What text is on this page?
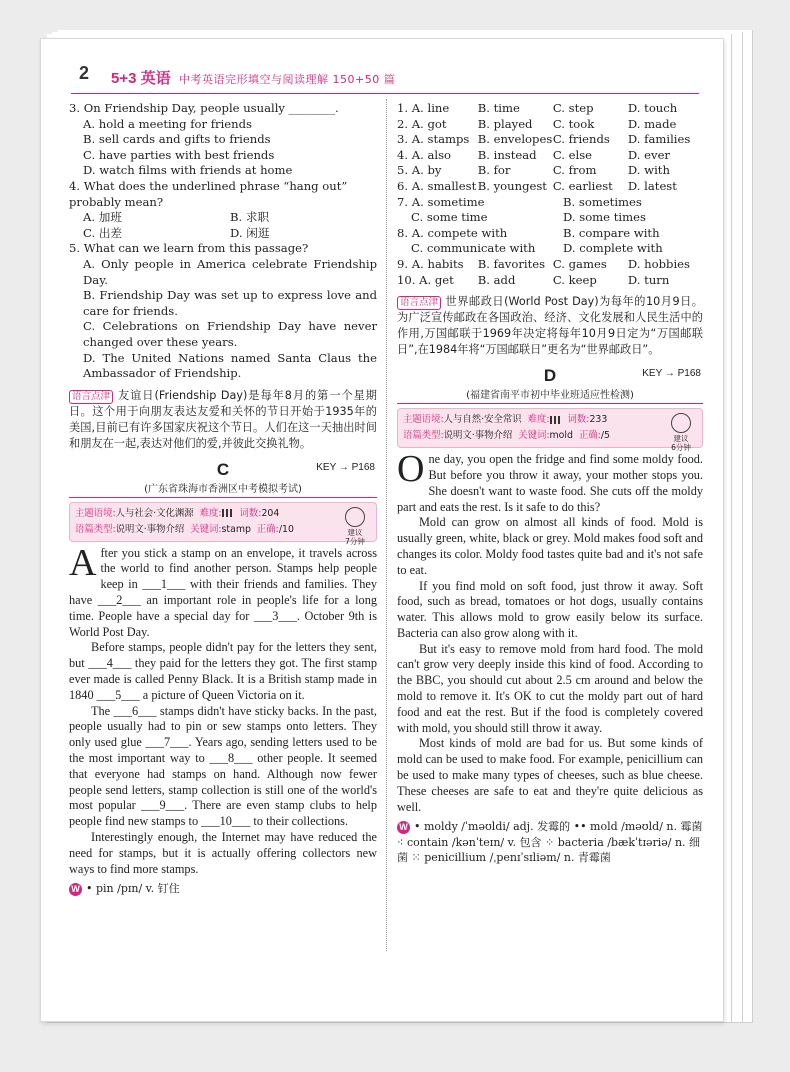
2 5+3 英语 中考英语完形填空与阅读理解 150+50 篇

3. On Friendship Day, people usually ________.

A. hold a meeting for friends

B. sell cards and gifts to friends

C. have parties with best friends

D. watch films with friends at home

4. What does the underlined phrase “hang out” probably mean?

A. 加班	B. 求职
C. 出差	D. 闲逛

5. What can we learn from this passage?

A. Only people in America celebrate Friendship Day.

B. Friendship Day was set up to express love and care for friends.

C. Celebrations on Friendship Day have never changed over these years.

D. The United Nations named Santa Claus the Ambassador of Friendship.

语言点津 友谊日(Friendship Day)是每年8月的第一个星期日。这个用于向朋友表达友爱和关怀的节日开始于1935年的美国,目前已有许多国家庆祝这个节日。人们在这一天抽出时间和朋友在一起,表达对他们的爱,并彼此交换礼物。
C	KEY → P168
(广东省珠海市香洲区中考模拟考试)
主题语境:人与社会·文化渊源 难度: 词数:204
语篇类型:说明文·事物介绍 关键词:stamp 正确:/10	建议
7分钟

After you stick a stamp on an envelope, it travels across the world to find another person. Stamps help people keep in ___1___ with their friends and families. They have ___2___ an important role in people's life for a long time. People have a special day for ___3___. October 9th is World Post Day.

Before stamps, people didn't pay for the letters they sent, but ___4___ they paid for the letters they got. The first stamp ever made is called Penny Black. It is a British stamp made in 1840 ___5___ a picture of Queen Victoria on it.

The ___6___ stamps didn't have sticky backs. In the past, people usually had to pin or sew stamps onto letters. They only used glue ___7___. Years ago, sending letters used to be the most important way to ___8___ other people. It seemed that everyone had stamps on hand. Although now fewer people send letters, stamp collection is still one of the world's most popular ___9___. There are even stamp clubs to help people find new stamps to ___10___ to their collections.

Interestingly enough, the Internet may have reduced the need for stamps, but it is actually offering collectors new ways to find more stamps.

W • pin /pɪn/ v. 钉住
1. A. line	B. time	C. step	D. touch
2. A. got	B. played	C. took	D. made
3. A. stamps B. envelopes C. friends	D. families
4. A. also	B. instead	C. else	D. ever
5. A. by	B. for	C. from	D. with
6. A. smallest B. youngest C. earliest	D. latest
7. A. sometime	B. sometimes
C. some time	D. some times
8. A. compete with	B. compare with
C. communicate with	D. complete with
9. A. habits	B. favorites C. games	D. hobbies
10. A. get	B. add	C. keep	D. turn
语言点津 世界邮政日(World Post Day)为每年的10月9日。为广泛宣传邮政在各国政治、经济、文化发展和人民生活中的作用,万国邮联于1969年决定将每年10月9日定为“万国邮联日”,在1984年将“万国邮联日”更名为“世界邮政日”。
D	KEY → P168
(福建省南平市初中毕业班适应性检测)
主题语境:人与自然·安全常识 难度: 词数:233
语篇类型:说明文·事物介绍 关键词:mold 正确:/5	建议
6分钟

One day, you open the fridge and find some moldy food. But before you throw it away, your mother stops you. She doesn't want to waste food. She cuts off the moldy part and eats the rest. Is it safe to do this?

Mold can grow on almost all kinds of food. Mold is usually green, white, black or grey. Mold makes food soft and changes its color. Moldy food tastes quite bad and it's not safe to eat.

If you find mold on soft food, just throw it away. Soft food, such as bread, tomatoes or hot dogs, usually contains water. This allows mold to grow easily below its surface. Bacteria can also grow along with it.

But it's easy to remove mold from hard food. The mold can't grow very deeply inside this kind of food. According to the BBC, you should cut about 2.5 cm around and below the mold to remove it. It's OK to cut the moldy part out of hard food and eat the rest. But if the food is completely covered with mold, you should still throw it away.

Most kinds of mold are bad for us. But some kinds of mold can be used to make food. For example, penicillium can be used to make many types of cheeses, such as blue cheese. These cheeses are safe to eat and they're quite delicious as well.

W • moldy /ˈməʊldi/ adj. 发霉的 •• mold /məʊld/ n. 霉菌 ⁖ contain /kənˈteɪn/ v. 包含 ⁘ bacteria /bækˈtɪəriə/ n. 细菌 ⁙ penicillium /ˌpenɪˈsɪliəm/ n. 青霉菌
